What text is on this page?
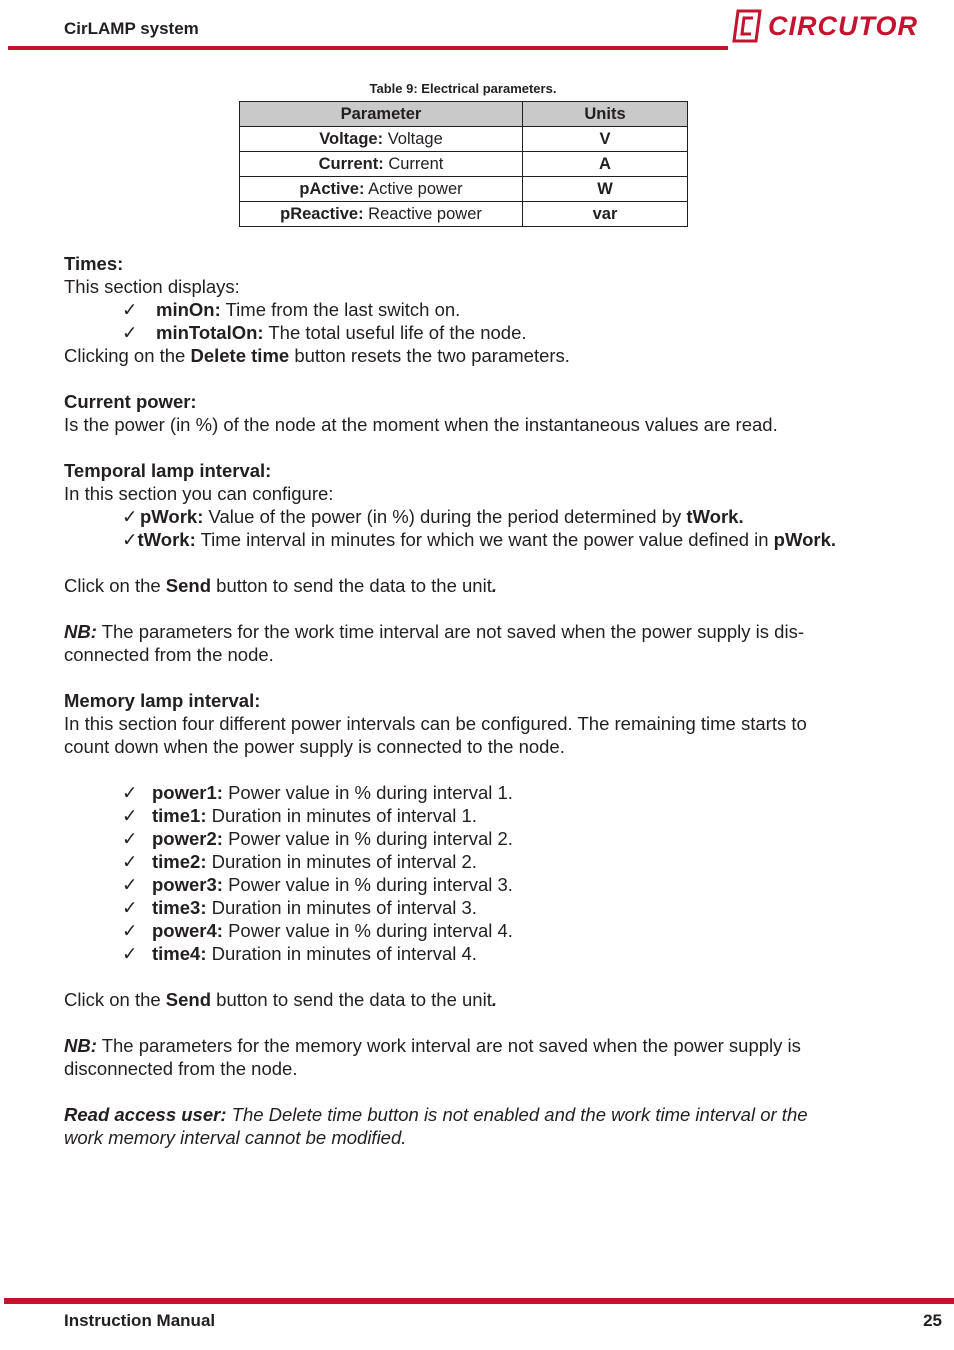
CirLAMP system	CIRCUTOR
Table 9: Electrical parameters.
Parameter	Units
Voltage: Voltage	V
Current: Current	A
pActive: Active power	W
pReactive: Reactive power	var
Times:
This section displays:
✓ minOn: Time from the last switch on.
✓ minTotalOn: The total useful life of the node.
Clicking on the Delete time button resets the two parameters.
Current power:
Is the power (in %) of the node at the moment when the instantaneous values are read.
Temporal lamp interval:
In this section you can configure:
✓ pWork: Value of the power (in %) during the period determined by tWork.
✓tWork: Time interval in minutes for which we want the power value defined in pWork.
Click on the Send button to send the data to the unit.
NB: The parameters for the work time interval are not saved when the power supply is dis-
connected from the node.
Memory lamp interval:
In this section four different power intervals can be configured. The remaining time starts to
count down when the power supply is connected to the node.
✓ power1: Power value in % during interval 1.
✓ time1: Duration in minutes of interval 1.
✓ power2: Power value in % during interval 2.
✓ time2: Duration in minutes of interval 2.
✓ power3: Power value in % during interval 3.
✓ time3: Duration in minutes of interval 3.
✓ power4: Power value in % during interval 4.
✓ time4: Duration in minutes of interval 4.
Click on the Send button to send the data to the unit.
NB: The parameters for the memory work interval are not saved when the power supply is
disconnected from the node.
Read access user: The Delete time button is not enabled and the work time interval or the
work memory interval cannot be modified.
Instruction Manual	25
